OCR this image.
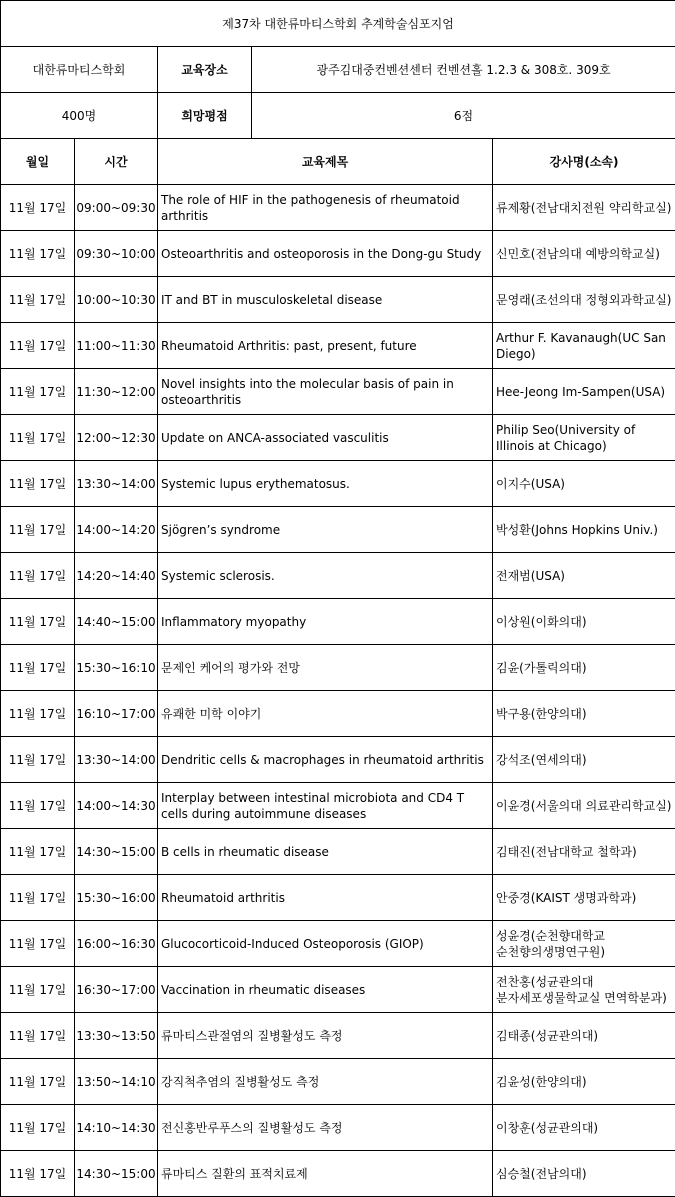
제37차 대한류마티스학회 추계학술심포지엄				
대한류마티스학회		교육장소	광주김대중컨벤션센터 컨벤션홀 1.2.3 & 308호. 309호	
400명		희망평점	6점	
월일	시간	교육제목		강사명(소속)
11월 17일	09:00~09:30	The role of HIF in the pathogenesis of rheumatoid arthritis		류제황(전남대치전원 약리학교실)
11월 17일	09:30~10:00	Osteoarthritis and osteoporosis in the Dong-gu Study		신민호(전남의대 예방의학교실)
11월 17일	10:00~10:30	IT and BT in musculoskeletal disease		문영래(조선의대 정형외과학교실)
11월 17일	11:00~11:30	Rheumatoid Arthritis: past, present, future		Arthur F. Kavanaugh(UC San Diego)
11월 17일	11:30~12:00	Novel insights into the molecular basis of pain in osteoarthritis		Hee-Jeong Im-Sampen(USA)
11월 17일	12:00~12:30	Update on ANCA-associated vasculitis		Philip Seo(University of Illinois at Chicago)
11월 17일	13:30~14:00	Systemic lupus erythematosus.		이지수(USA)
11월 17일	14:00~14:20	Sjögren’s syndrome		박성환(Johns Hopkins Univ.)
11월 17일	14:20~14:40	Systemic sclerosis.		전재범(USA)
11월 17일	14:40~15:00	Inflammatory myopathy		이상원(이화의대)
11월 17일	15:30~16:10	문제인 케어의 평가와 전망		김윤(가톨릭의대)
11월 17일	16:10~17:00	유쾌한 미학 이야기		박구용(한양의대)
11월 17일	13:30~14:00	Dendritic cells & macrophages in rheumatoid arthritis		강석조(연세의대)
11월 17일	14:00~14:30	Interplay between intestinal microbiota and CD4 T cells during autoimmune diseases		이윤경(서울의대 의료관리학교실)
11월 17일	14:30~15:00	B cells in rheumatic disease		김태진(전남대학교 철학과)
11월 17일	15:30~16:00	Rheumatoid arthritis		안중경(KAIST 생명과학과)
11월 17일	16:00~16:30	Glucocorticoid-Induced Osteoporosis (GIOP)		성윤경(순천향대학교 순천향의생명연구원)
11월 17일	16:30~17:00	Vaccination in rheumatic diseases		전찬홍(성균관의대 분자세포생물학교실 면역학분과)
11월 17일	13:30~13:50	류마티스관절염의 질병활성도 측정		김태종(성균관의대)
11월 17일	13:50~14:10	강직척추염의 질병활성도 측정		김윤성(한양의대)
11월 17일	14:10~14:30	전신홍반루푸스의 질병활성도 측정		이창훈(성균관의대)
11월 17일	14:30~15:00	류마티스 질환의 표적치료제		심승철(전남의대)
